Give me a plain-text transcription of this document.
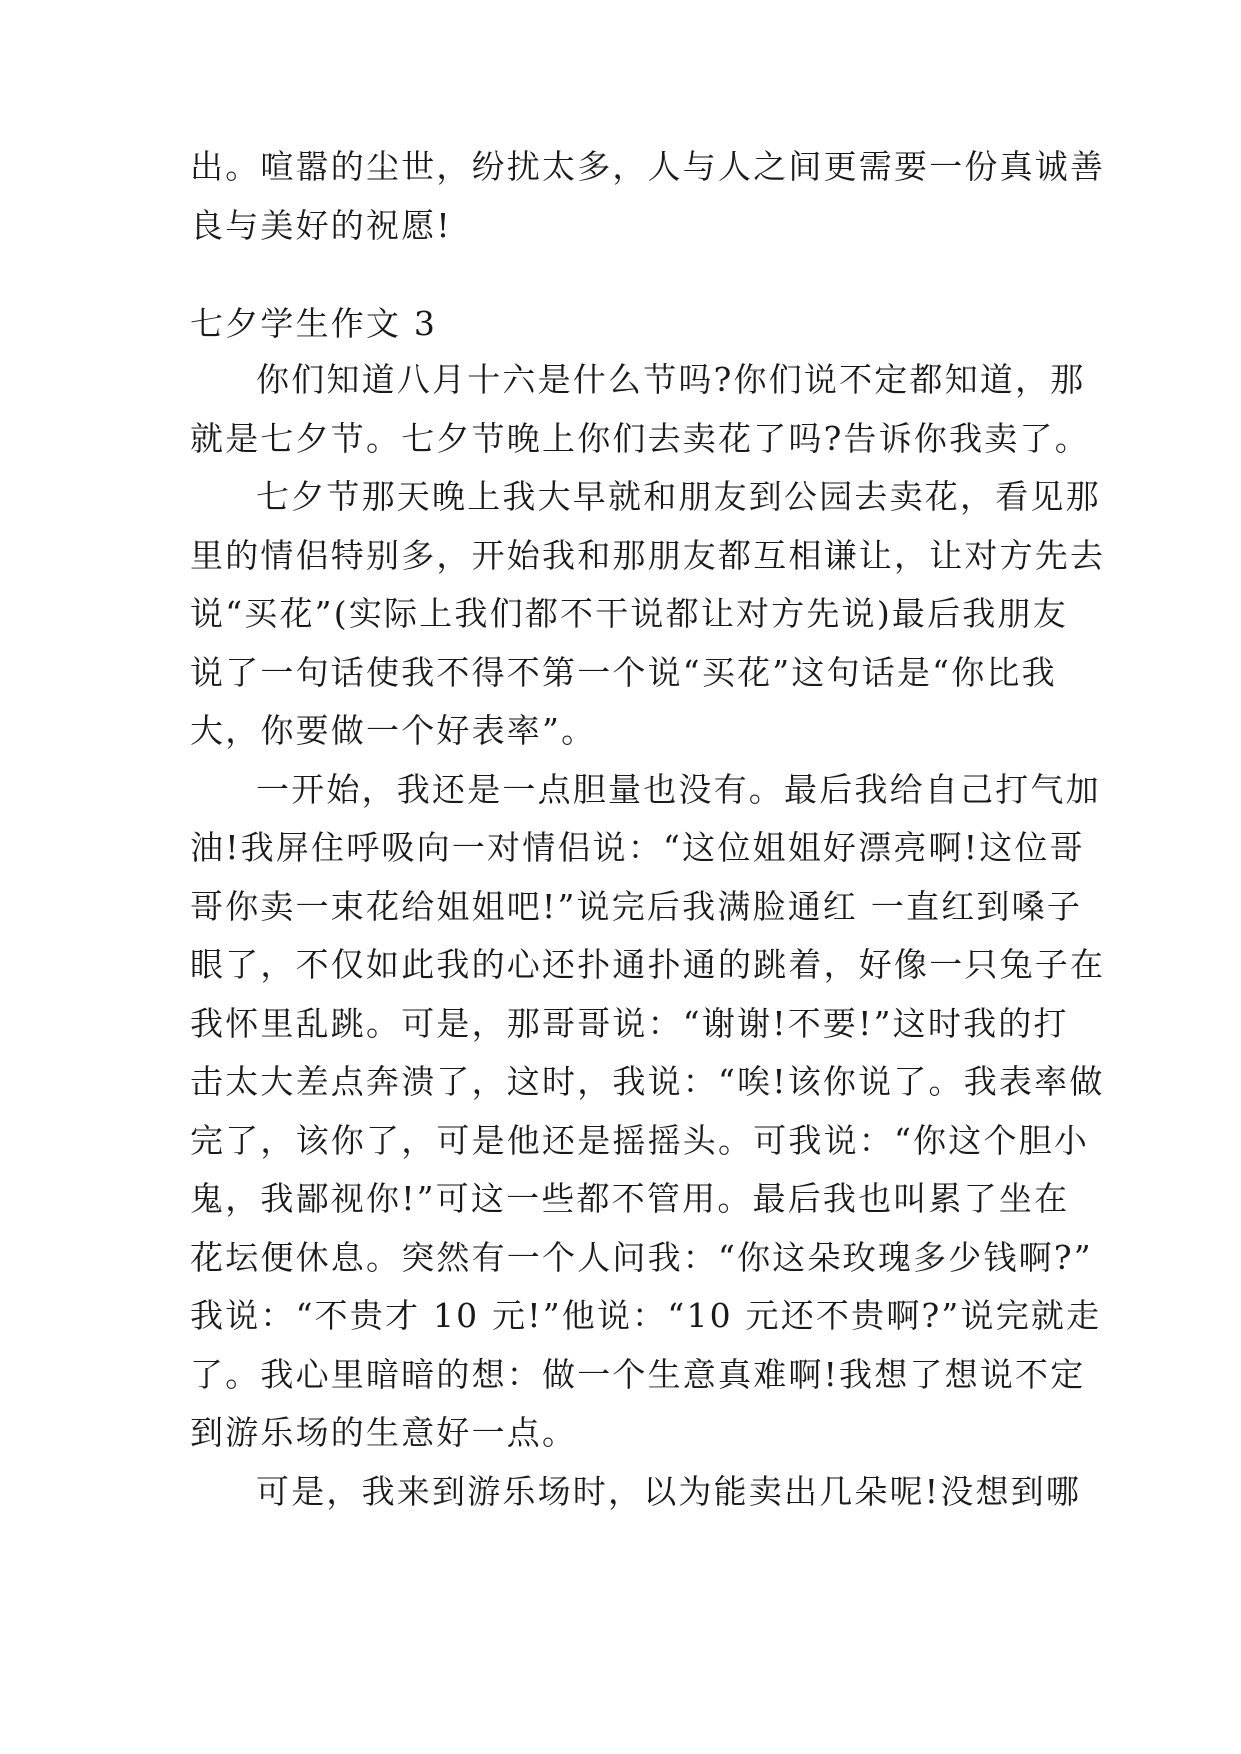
出。喧嚣的尘世，纷扰太多，人与人之间更需要一份真诚善
良与美好的祝愿!
七夕学生作文 3
你们知道八月十六是什么节吗?你们说不定都知道，那
就是七夕节。七夕节晚上你们去卖花了吗?告诉你我卖了。
七夕节那天晚上我大早就和朋友到公园去卖花，看见那
里的情侣特别多，开始我和那朋友都互相谦让，让对方先去
说“买花”(实际上我们都不干说都让对方先说)最后我朋友
说了一句话使我不得不第一个说“买花”这句话是“你比我
大，你要做一个好表率”。
一开始，我还是一点胆量也没有。最后我给自己打气加
油!我屏住呼吸向一对情侣说：“这位姐姐好漂亮啊!这位哥
哥你卖一束花给姐姐吧!”说完后我满脸通红 一直红到嗓子
眼了，不仅如此我的心还扑通扑通的跳着，好像一只兔子在
我怀里乱跳。可是，那哥哥说：“谢谢!不要!”这时我的打
击太大差点奔溃了，这时，我说：“唉!该你说了。我表率做
完了，该你了，可是他还是摇摇头。可我说：“你这个胆小
鬼，我鄙视你!”可这一些都不管用。最后我也叫累了坐在
花坛便休息。突然有一个人问我：“你这朵玫瑰多少钱啊?”
我说：“不贵才 10 元!”他说：“10 元还不贵啊?”说完就走
了。我心里暗暗的想：做一个生意真难啊!我想了想说不定
到游乐场的生意好一点。
可是，我来到游乐场时，以为能卖出几朵呢!没想到哪
